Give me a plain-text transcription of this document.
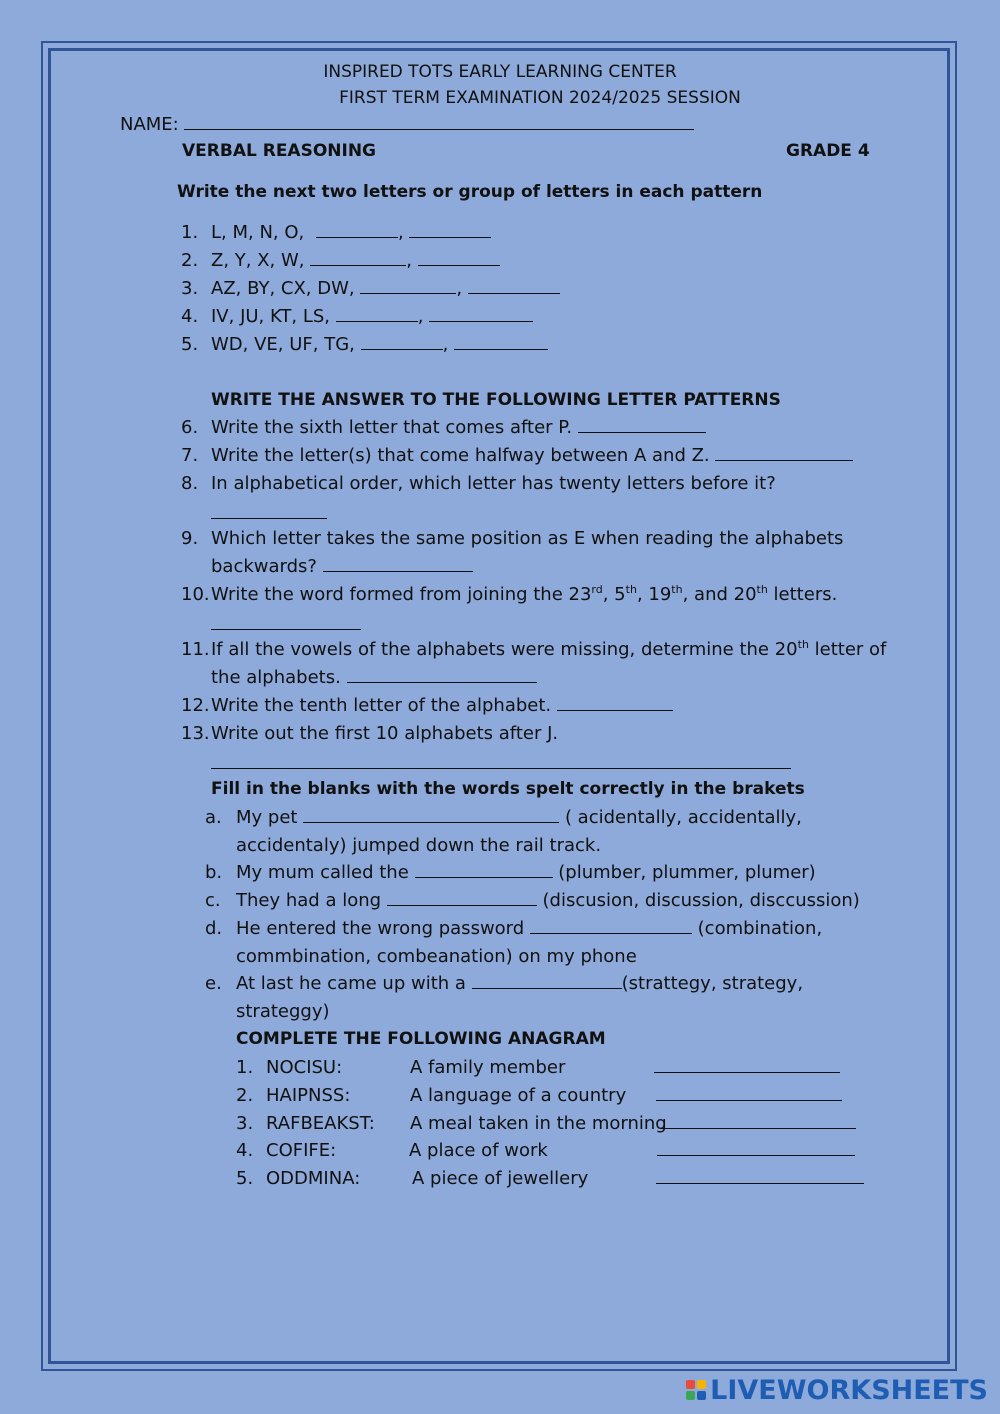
INSPIRED TOTS EARLY LEARNING CENTER
FIRST TERM EXAMINATION 2024/2025 SESSION
NAME:
VERBAL REASONING	GRADE 4
Write the next two letters or group of letters in each pattern
1. L, M, N, O,	,
2. Z, Y, X, W,	,
3. AZ, BY, CX, DW,	,
4. IV, JU, KT, LS,	,
5. WD, VE, UF, TG,	,
WRITE THE ANSWER TO THE FOLLOWING LETTER PATTERNS
6. Write the sixth letter that comes after P.
7. Write the letter(s) that come halfway between A and Z.
8. In alphabetical order, which letter has twenty letters before it?
9. Which letter takes the same position as E when reading the alphabets
backwards?
10. Write the word formed from joining the 23rd, 5th, 19th, and 20th letters.
11. If all the vowels of the alphabets were missing, determine the 20th letter of
the alphabets.
12. Write the tenth letter of the alphabet.
13. Write out the first 10 alphabets after J.
Fill in the blanks with the words spelt correctly in the brakets
a. My pet	( acidentally, accidentally,
accidentaly) jumped down the rail track.
b. My mum called the	(plumber, plummer, plumer)
c. They had a long	(discusion, discussion, disccussion)
d. He entered the wrong password	(combination,
commbination, combeanation) on my phone
e. At last he came up with a	(strattegy, strategy,
strateggy)
COMPLETE THE FOLLOWING ANAGRAM
1. NOCISU:	A family member
2. HAIPNSS:	A language of a country
3. RAFBEAKST: A meal taken in the morning
4. COFIFE:	A place of work
5. ODDMINA:	A piece of jewellery
LIVEWORKSHEETS
